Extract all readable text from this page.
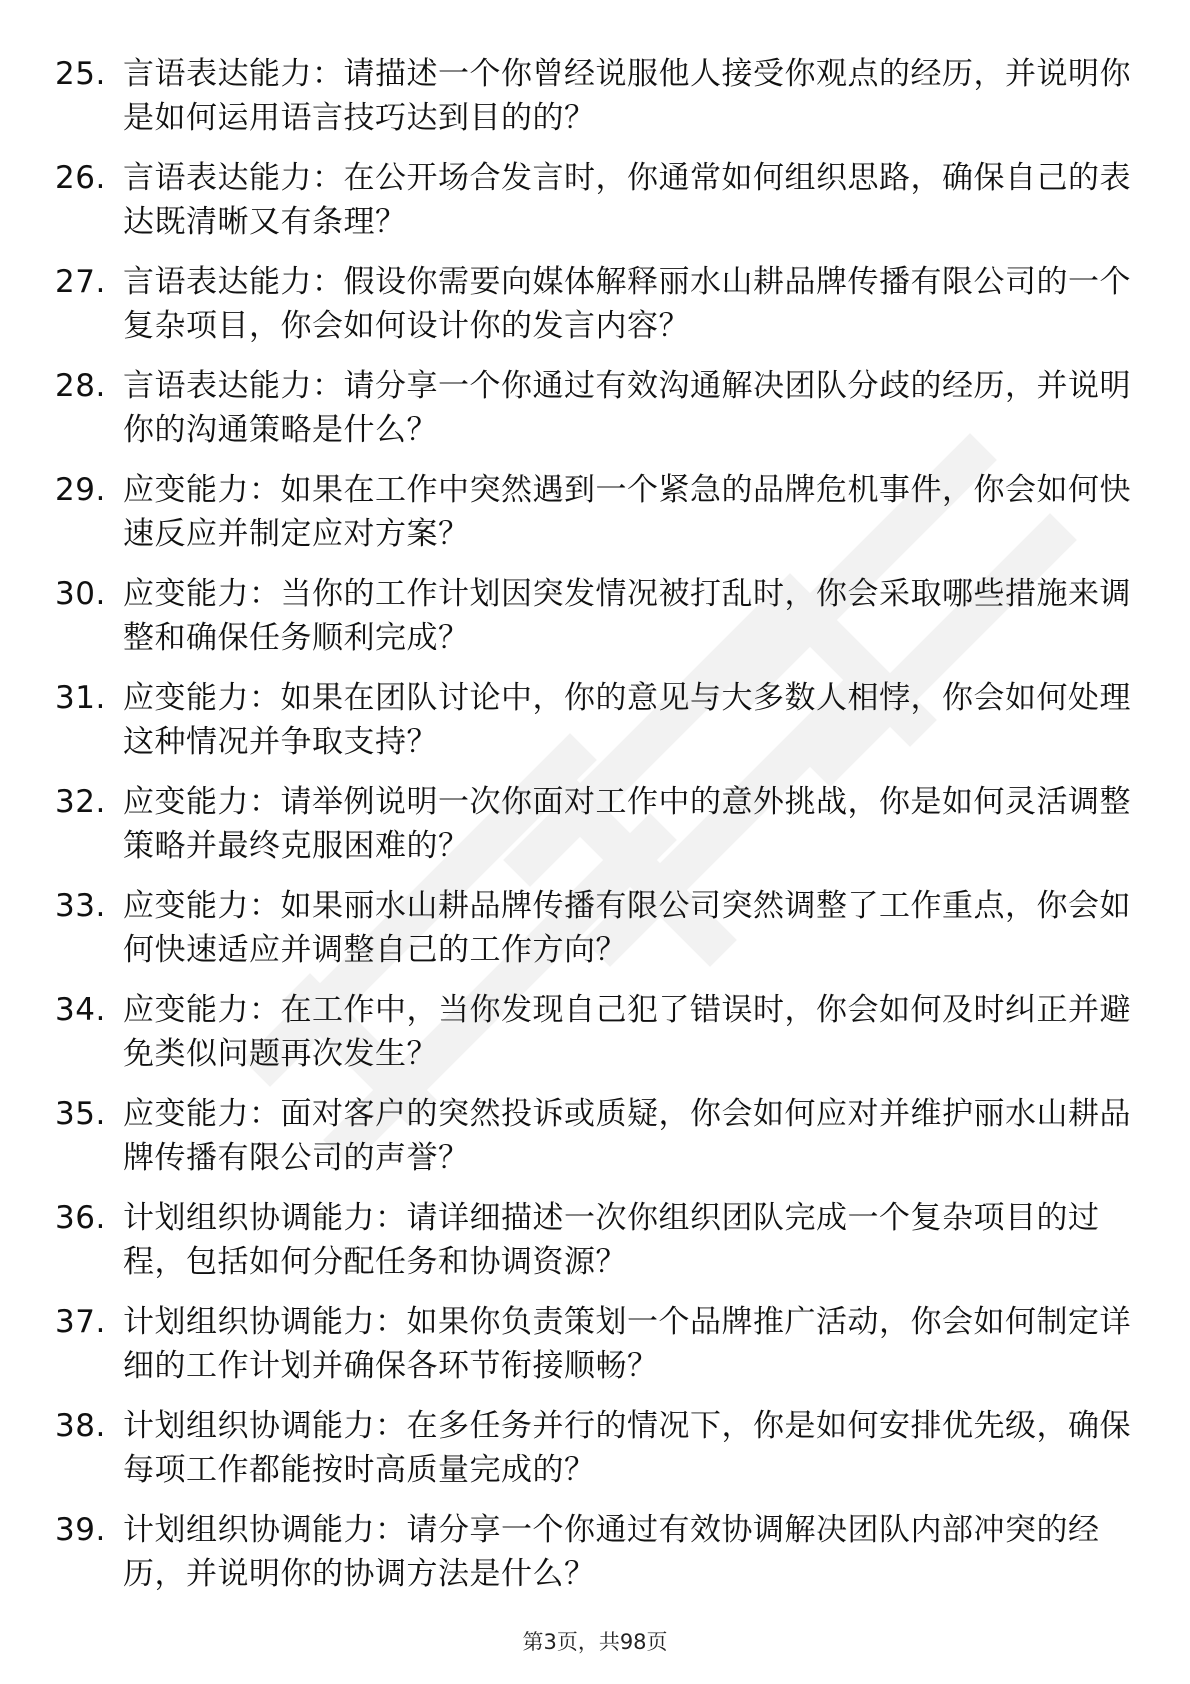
25. 言语表达能力：请描述一个你曾经说服他人接受你观点的经历，并说明你是如何运用语言技巧达到目的的？
26. 言语表达能力：在公开场合发言时，你通常如何组织思路，确保自己的表达既清晰又有条理？
27. 言语表达能力：假设你需要向媒体解释丽水山耕品牌传播有限公司的一个复杂项目，你会如何设计你的发言内容？
28. 言语表达能力：请分享一个你通过有效沟通解决团队分歧的经历，并说明你的沟通策略是什么？
29. 应变能力：如果在工作中突然遇到一个紧急的品牌危机事件，你会如何快速反应并制定应对方案？
30. 应变能力：当你的工作计划因突发情况被打乱时，你会采取哪些措施来调整和确保任务顺利完成？
31. 应变能力：如果在团队讨论中，你的意见与大多数人相悖，你会如何处理这种情况并争取支持？
32. 应变能力：请举例说明一次你面对工作中的意外挑战，你是如何灵活调整策略并最终克服困难的？
33. 应变能力：如果丽水山耕品牌传播有限公司突然调整了工作重点，你会如何快速适应并调整自己的工作方向？
34. 应变能力：在工作中，当你发现自己犯了错误时，你会如何及时纠正并避免类似问题再次发生？
35. 应变能力：面对客户的突然投诉或质疑，你会如何应对并维护丽水山耕品牌传播有限公司的声誉？
36. 计划组织协调能力：请详细描述一次你组织团队完成一个复杂项目的过程，包括如何分配任务和协调资源？
37. 计划组织协调能力：如果你负责策划一个品牌推广活动，你会如何制定详细的工作计划并确保各环节衔接顺畅？
38. 计划组织协调能力：在多任务并行的情况下，你是如何安排优先级，确保每项工作都能按时高质量完成的？
39. 计划组织协调能力：请分享一个你通过有效协调解决团队内部冲突的经历，并说明你的协调方法是什么？
第3页，共98页
